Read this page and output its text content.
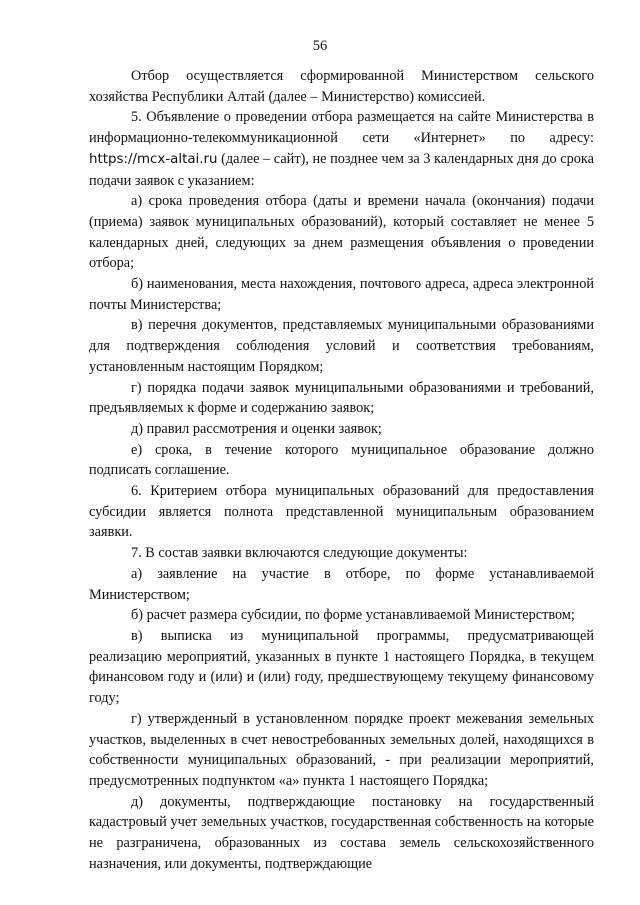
56

Отбор осуществляется сформированной Министерством сельского хозяйства Республики Алтай (далее – Министерство) комиссией.

5. Объявление о проведении отбора размещается на сайте Министерства в информационно-телекоммуникационной сети «Интернет» по адресу: https://mcx-altai.ru (далее – сайт), не позднее чем за 3 календарных дня до срока подачи заявок с указанием:

а) срока проведения отбора (даты и времени начала (окончания) подачи (приема) заявок муниципальных образований), который составляет не менее 5 календарных дней, следующих за днем размещения объявления о проведении отбора;

б) наименования, места нахождения, почтового адреса, адреса электронной почты Министерства;

в) перечня документов, представляемых муниципальными образованиями для подтверждения соблюдения условий и соответствия требованиям, установленным настоящим Порядком;

г) порядка подачи заявок муниципальными образованиями и требований, предъявляемых к форме и содержанию заявок;

д) правил рассмотрения и оценки заявок;

е) срока, в течение которого муниципальное образование должно подписать соглашение.

6. Критерием отбора муниципальных образований для предоставления субсидии является полнота представленной муниципальным образованием заявки.

7. В состав заявки включаются следующие документы:

а) заявление на участие в отборе, по форме устанавливаемой Министерством;

б) расчет размера субсидии, по форме устанавливаемой Министерством;

в) выписка из муниципальной программы, предусматривающей реализацию мероприятий, указанных в пункте 1 настоящего Порядка, в текущем финансовом году и (или) и (или) году, предшествующему текущему финансовому году;

г) утвержденный в установленном порядке проект межевания земельных участков, выделенных в счет невостребованных земельных долей, находящихся в собственности муниципальных образований, - при реализации мероприятий, предусмотренных подпунктом «а» пункта 1 настоящего Порядка;

д) документы, подтверждающие постановку на государственный кадастровый учет земельных участков, государственная собственность на которые не разграничена, образованных из состава земель сельскохозяйственного назначения, или документы, подтверждающие
